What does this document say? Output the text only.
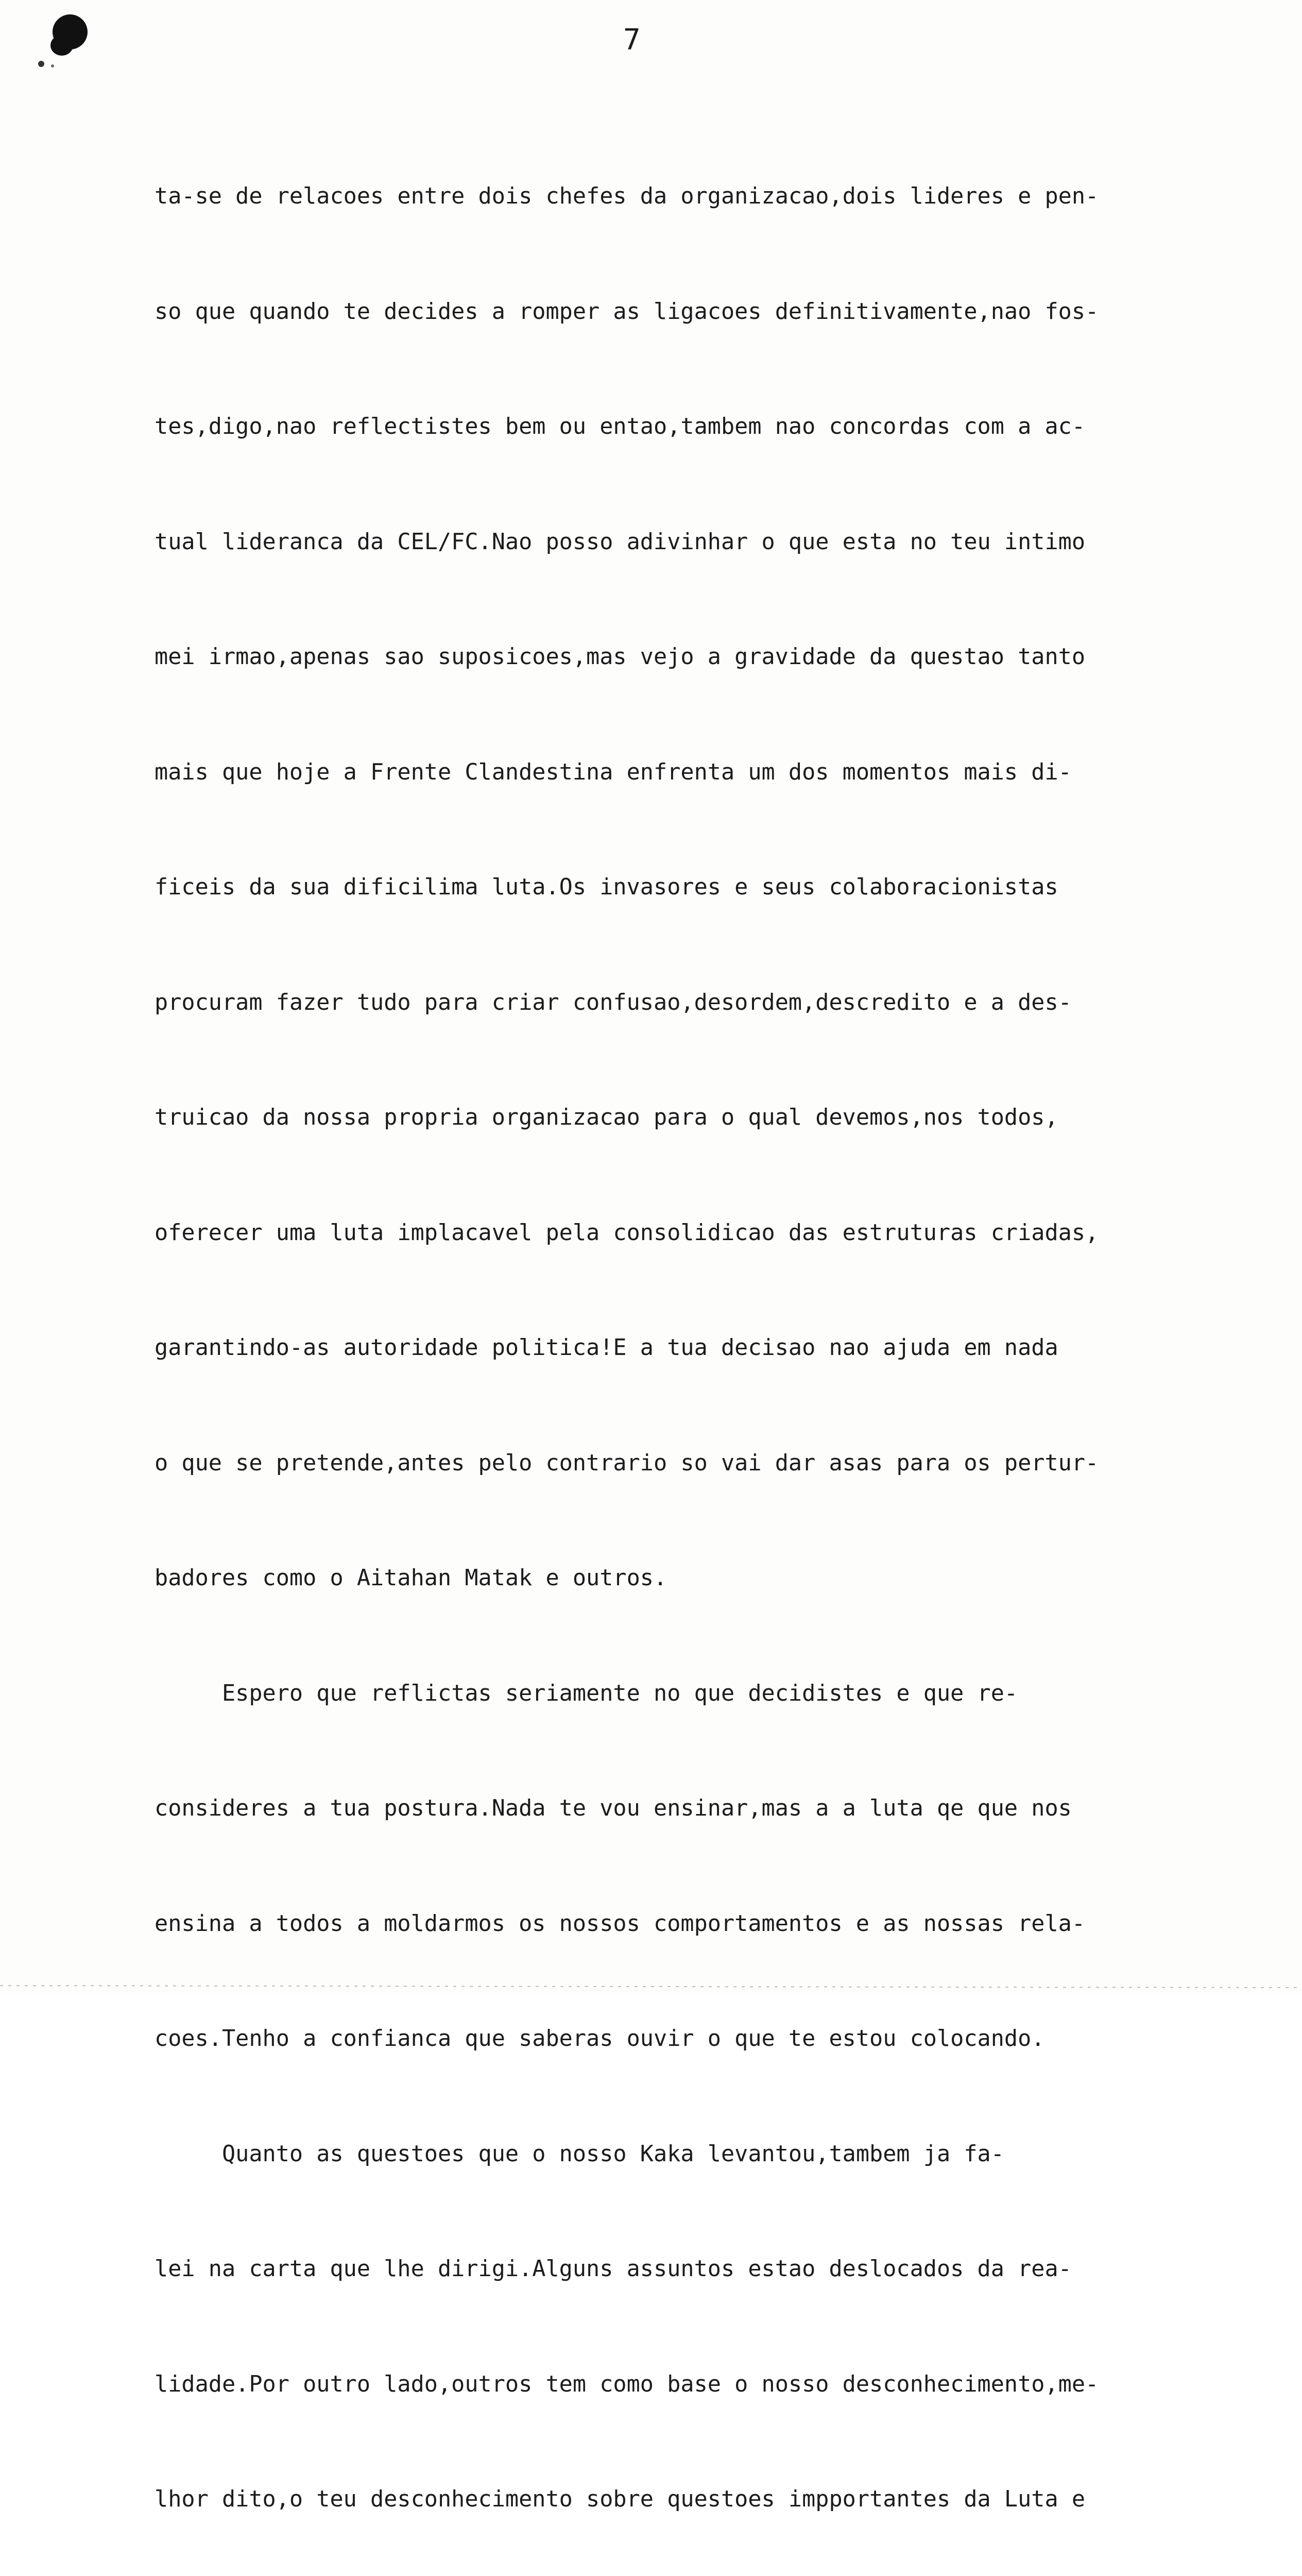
7

ta-se de relacoes entre dois chefes da organizacao,dois lideres e pen-

so que quando te decides a romper as ligacoes definitivamente,nao fos-

tes,digo,nao reflectistes bem ou entao,tambem nao concordas com a ac-

tual lideranca da CEL/FC.Nao posso adivinhar o que esta no teu intimo

mei irmao,apenas sao suposicoes,mas vejo a gravidade da questao tanto

mais que hoje a Frente Clandestina enfrenta um dos momentos mais di-

ficeis da sua dificilima luta.Os invasores e seus colaboracionistas

procuram fazer tudo para criar confusao,desordem,descredito e a des-

truicao da nossa propria organizacao para o qual devemos,nos todos,

oferecer uma luta implacavel pela consolidicao das estruturas criadas,

garantindo-as autoridade politica!E a tua decisao nao ajuda em nada

o que se pretende,antes pelo contrario so vai dar asas para os pertur-

badores como o Aitahan Matak e outros.

Espero que reflictas seriamente no que decidistes e que re-

consideres a tua postura.Nada te vou ensinar,mas a a luta qe que nos

ensina a todos a moldarmos os nossos comportamentos e as nossas rela-

coes.Tenho a confianca que saberas ouvir o que te estou colocando.

Quanto as questoes que o nosso Kaka levantou,tambem ja fa-

lei na carta que lhe dirigi.Alguns assuntos estao deslocados da rea-

lidade.Por outro lado,outros tem como base o nosso desconhecimento,me-

lhor dito,o teu desconhecimento sobre questoes impportantes da Luta e
